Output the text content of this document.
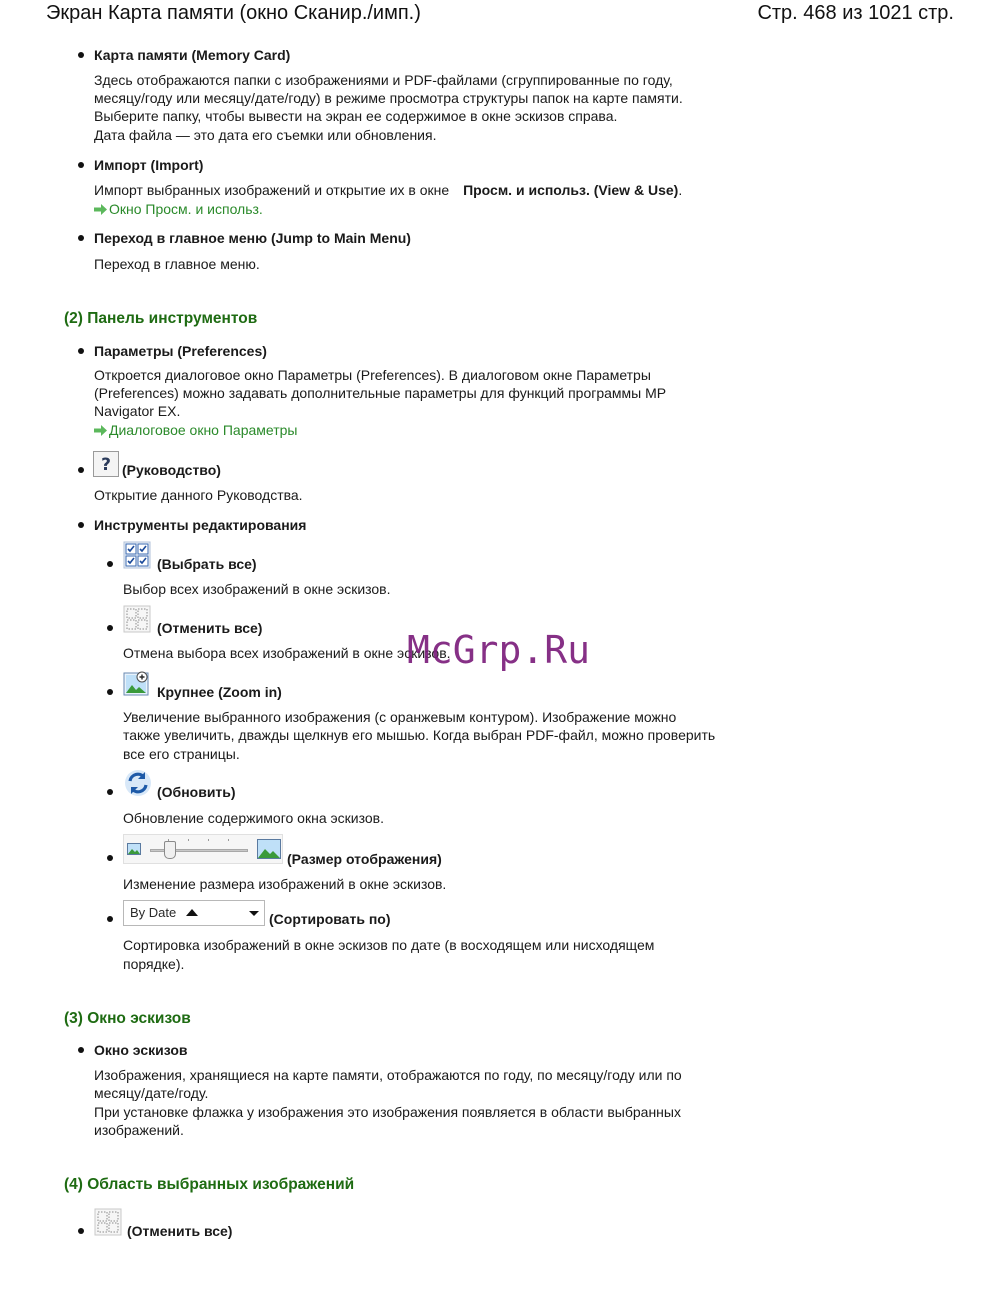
Экран Карта памяти (окно Сканир./имп.)	Стр. 468 из 1021 стр.
Карта памяти (Memory Card)
Здесь отображаются папки с изображениями и PDF-файлами (сгруппированные по году,
месяцу/году или месяцу/дате/году) в режиме просмотра структуры папок на карте памяти.
Выберите папку, чтобы вывести на экран ее содержимое в окне эскизов справа.
Дата файла — это дата его съемки или обновления.
Импорт (Import)
Импорт выбранных изображений и открытие их в окне Просм. и использ. (View & Use).
Окно Просм. и использ.
Переход в главное меню (Jump to Main Menu)
Переход в главное меню.
(2) Панель инструментов
Параметры (Preferences)
Откроется диалоговое окно Параметры (Preferences). В диалоговом окне Параметры
(Preferences) можно задавать дополнительные параметры для функций программы MP
Navigator EX.
Диалоговое окно Параметры
? (Руководство)
Открытие данного Руководства.
Инструменты редактирования
(Выбрать все)
Выбор всех изображений в окне эскизов.
(Отменить все)
Отмена выбора всех изображений в окне эскизов.
Крупнее (Zoom in)
Увеличение выбранного изображения (с оранжевым контуром). Изображение можно
также увеличить, дважды щелкнув его мышью. Когда выбран PDF-файл, можно проверить
все его страницы.
(Обновить)
Обновление содержимого окна эскизов.
(Размер отображения)
Изменение размера изображений в окне эскизов.
By Date	(Сортировать по)
Сортировка изображений в окне эскизов по дате (в восходящем или нисходящем
порядке).
(3) Окно эскизов
Окно эскизов
Изображения, хранящиеся на карте памяти, отображаются по году, по месяцу/году или по
месяцу/дате/году.
При установке флажка у изображения это изображения появляется в области выбранных
изображений.
(4) Область выбранных изображений
(Отменить все)
McGrp.Ru
